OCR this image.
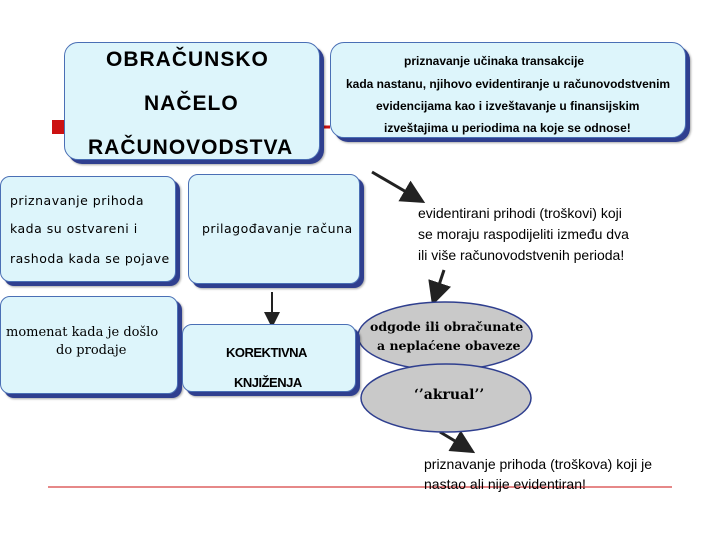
OBRAČUNSKO
NAČELO
RAČUNOVODSTVA
priznavanje učinaka transakcije
kada nastanu, njihovo evidentiranje u računovodstvenim
evidencijama kao i izveštavanje u finansijskim
izveštajima u periodima na koje se odnose!
priznavanje prihoda
kada su ostvareni i
rashoda kada se pojave
prilagođavanje računa
momenat kada je došlo
do prodaje	KOREKTIVNA
KNJIŽENJA
evidentirani prihodi (troškovi) koji
se moraju raspodijeliti između dva
ili više računovodstvenih perioda!
odgode ili obračunate
a neplaćene obaveze
‘’akrual’’
priznavanje prihoda (troškova) koji je
nastao ali nije evidentiran!
